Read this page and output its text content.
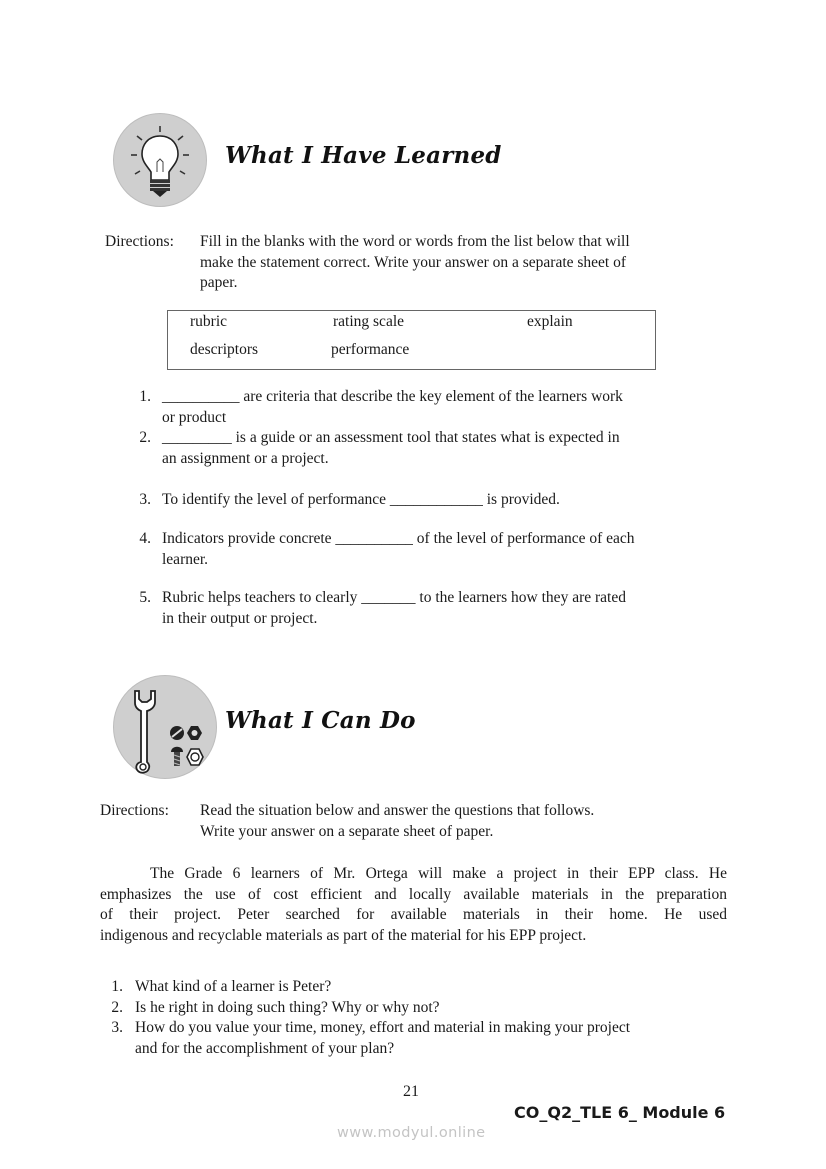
What I Have Learned
Directions: Fill in the blanks with the word or words from the list below that will
make the statement correct. Write your answer on a separate sheet of
paper.
rubric	rating scale	explain
descriptors	performance
1. __________ are criteria that describe the key element of the learners work
or product
2. _________ is a guide or an assessment tool that states what is expected in
an assignment or a project.
3. To identify the level of performance ____________ is provided.
4. Indicators provide concrete __________ of the level of performance of each
learner.
5. Rubric helps teachers to clearly _______ to the learners how they are rated
in their output or project.
What I Can Do
Directions: Read the situation below and answer the questions that follows.
Write your answer on a separate sheet of paper.
The Grade 6 learners of Mr. Ortega will make a project in their EPP class. He
emphasizes the use of cost efficient and locally available materials in the preparation
of their project. Peter searched for available materials in their home. He used
indigenous and recyclable materials as part of the material for his EPP project.
1. What kind of a learner is Peter?
2. Is he right in doing such thing? Why or why not?
3. How do you value your time, money, effort and material in making your project
and for the accomplishment of your plan?
21
CO_Q2_TLE 6_ Module 6
www.modyul.online
